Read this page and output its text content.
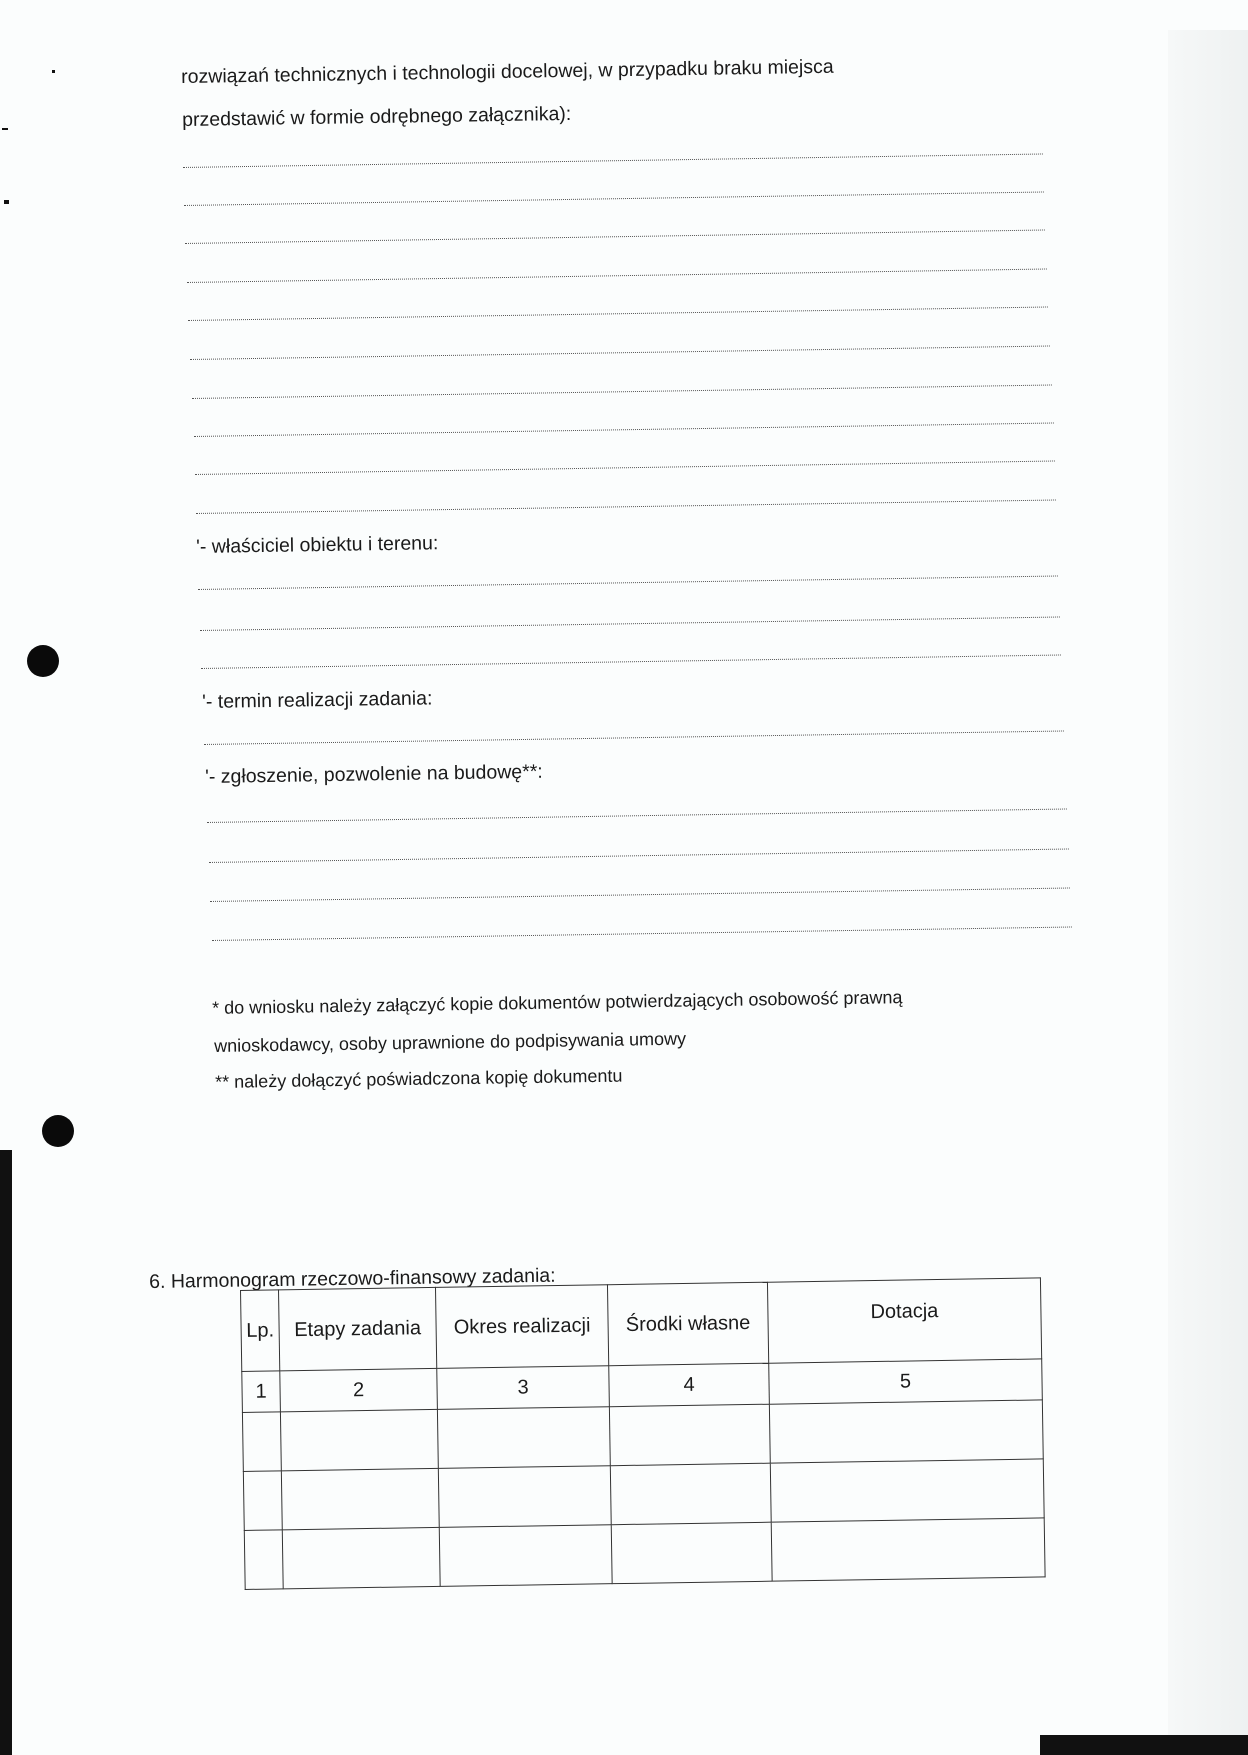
rozwiązań technicznych i technologii docelowej, w przypadku braku miejsca
przedstawić w formie odrębnego załącznika):
'- właściciel obiektu i terenu:
'- termin realizacji zadania:
'- zgłoszenie, pozwolenie na budowę**:
* do wniosku należy załączyć kopie dokumentów potwierdzających osobowość prawną
wnioskodawcy, osoby uprawnione do podpisywania umowy
** należy dołączyć poświadczona kopię dokumentu
6. Harmonogram rzeczowo-finansowy zadania:
Lp.	Etapy zadania	Okres realizacji	Środki własne	Dotacja
1	2	3	4	5
